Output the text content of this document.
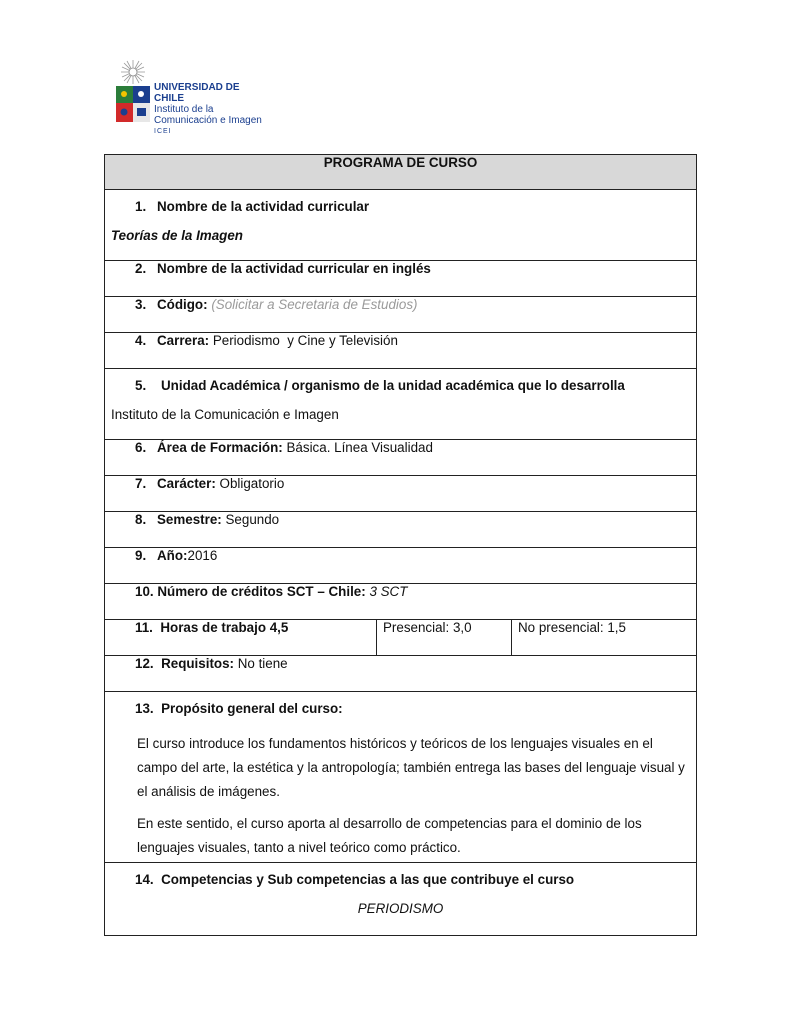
UNIVERSIDAD DE CHILE
Instituto de la
Comunicación e Imagen
ICEI
PROGRAMA DE CURSO
1. Nombre de la actividad curricular
Teorías de la Imagen

2. Nombre de la actividad curricular en inglés
3. Código: (Solicitar a Secretaria de Estudios)
4. Carrera: Periodismo  y Cine y Televisión
5. Unidad Académica / organismo de la unidad académica que lo desarrolla
Instituto de la Comunicación e Imagen

6. Área de Formación: Básica. Línea Visualidad
7. Carácter: Obligatorio
8. Semestre: Segundo
9. Año:2016
10. Número de créditos SCT – Chile: 3 SCT
11. Horas de trabajo 4,5	Presencial: 3,0	No presencial: 1,5
12. Requisitos: No tiene
13. Propósito general del curso:
El curso introduce los fundamentos históricos y teóricos de los lenguajes visuales en el campo del arte, la estética y la antropología; también entrega las bases del lenguaje visual y el análisis de imágenes.
En este sentido, el curso aporta al desarrollo de competencias para el dominio de los lenguajes visuales, tanto a nivel teórico como práctico.

14. Competencias y Sub competencias a las que contribuye el curso
PERIODISMO
